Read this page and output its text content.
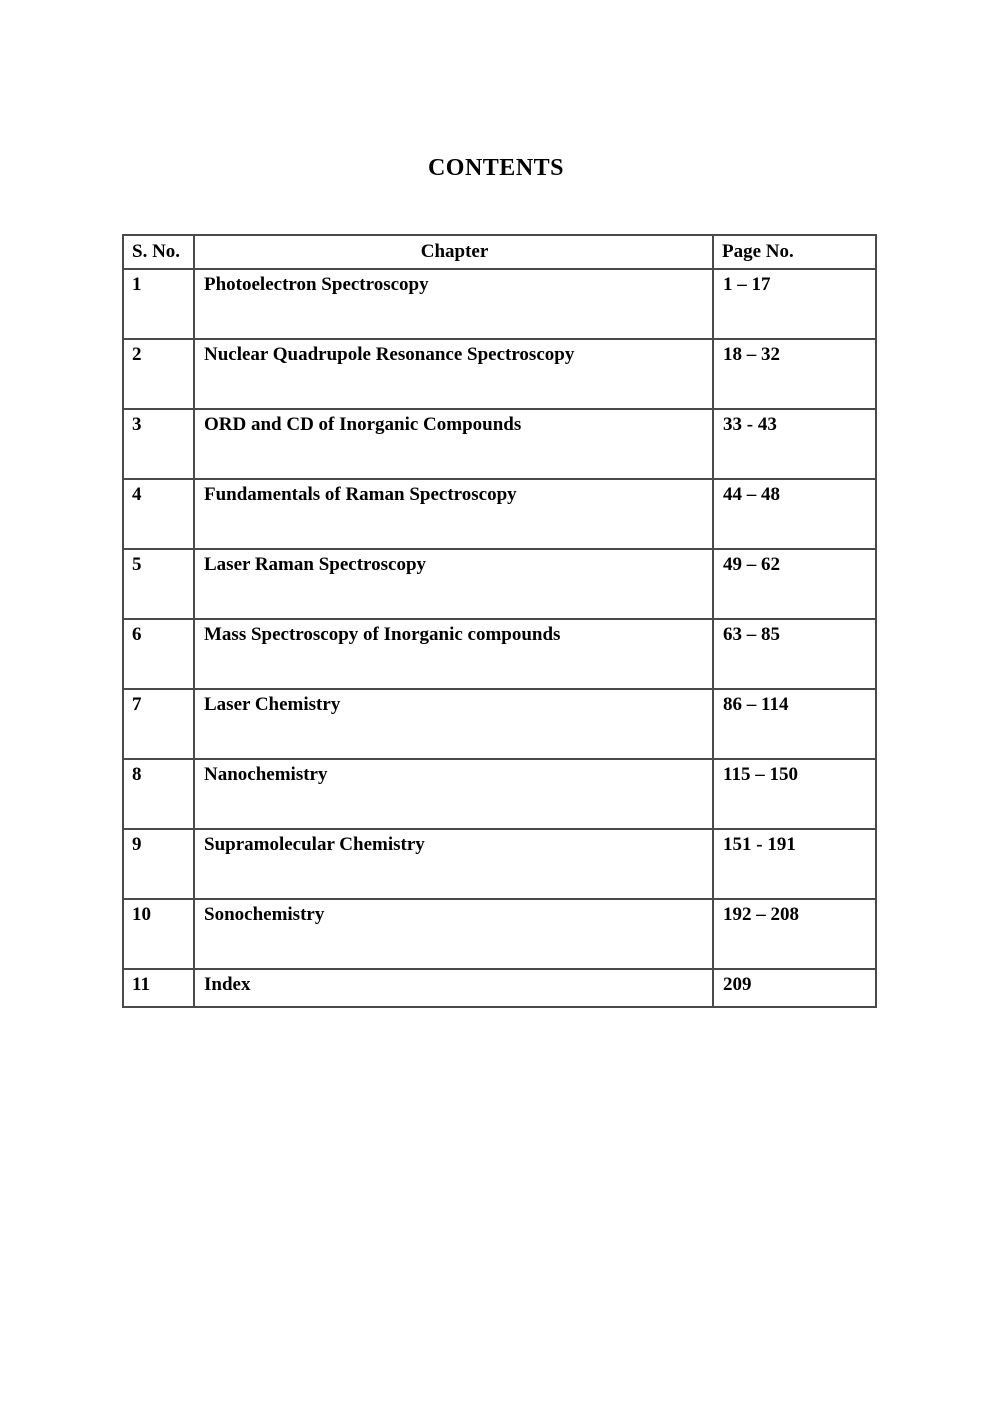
CONTENTS
S. No.	Chapter	Page No.
1	Photoelectron Spectroscopy	1 – 17
2	Nuclear Quadrupole Resonance Spectroscopy	18 – 32
3	ORD and CD of Inorganic Compounds	33 - 43
4	Fundamentals of Raman Spectroscopy	44 – 48
5	Laser Raman Spectroscopy	49 – 62
6	Mass Spectroscopy of Inorganic compounds	63 – 85
7	Laser Chemistry	86 – 114
8	Nanochemistry	115 – 150
9	Supramolecular Chemistry	151 - 191
10	Sonochemistry	192 – 208
11	Index	209
